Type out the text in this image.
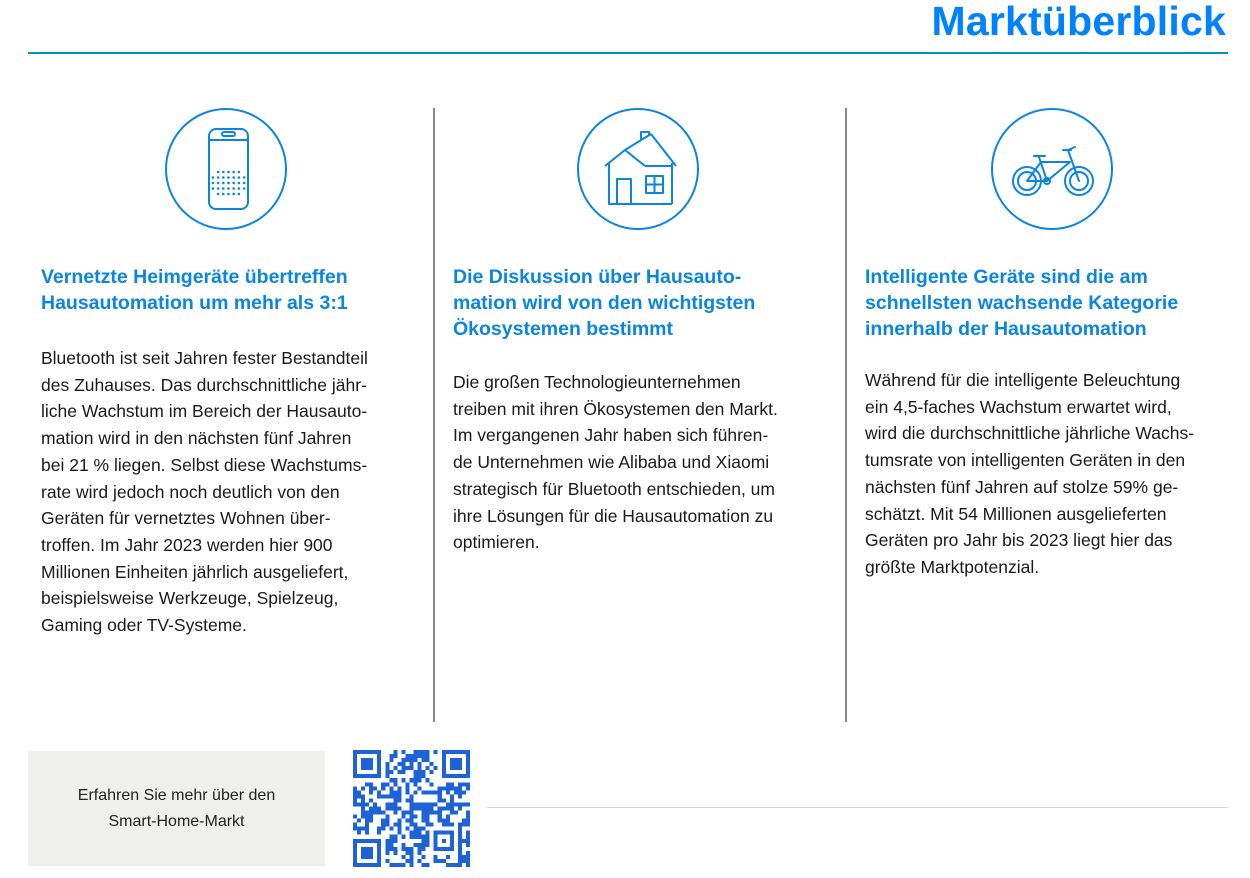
Marktüberblick
Vernetzte Heimgeräte übertreffen
Hausautomation um mehr als 3:1

Bluetooth ist seit Jahren fester Bestandteil
des Zuhauses. Das durchschnittliche jähr-
liche Wachstum im Bereich der Hausauto-
mation wird in den nächsten fünf Jahren
bei 21 % liegen. Selbst diese Wachstums-
rate wird jedoch noch deutlich von den
Geräten für vernetztes Wohnen über-
troffen. Im Jahr 2023 werden hier 900
Millionen Einheiten jährlich ausgeliefert,
beispielsweise Werkzeuge, Spielzeug,
Gaming oder TV-Systeme.

Die Diskussion über Hausauto-
mation wird von den wichtigsten
Ökosystemen bestimmt

Die großen Technologieunternehmen
treiben mit ihren Ökosystemen den Markt.
Im vergangenen Jahr haben sich führen-
de Unternehmen wie Alibaba und Xiaomi
strategisch für Bluetooth entschieden, um
ihre Lösungen für die Hausautomation zu
optimieren.

Intelligente Geräte sind die am
schnellsten wachsende Kategorie
innerhalb der Hausautomation

Während für die intelligente Beleuchtung
ein 4,5-faches Wachstum erwartet wird,
wird die durchschnittliche jährliche Wachs-
tumsrate von intelligenten Geräten in den
nächsten fünf Jahren auf stolze 59% ge-
schätzt. Mit 54 Millionen ausgelieferten
Geräten pro Jahr bis 2023 liegt hier das
größte Marktpotenzial.

Erfahren Sie mehr über den
Smart-Home-Markt
